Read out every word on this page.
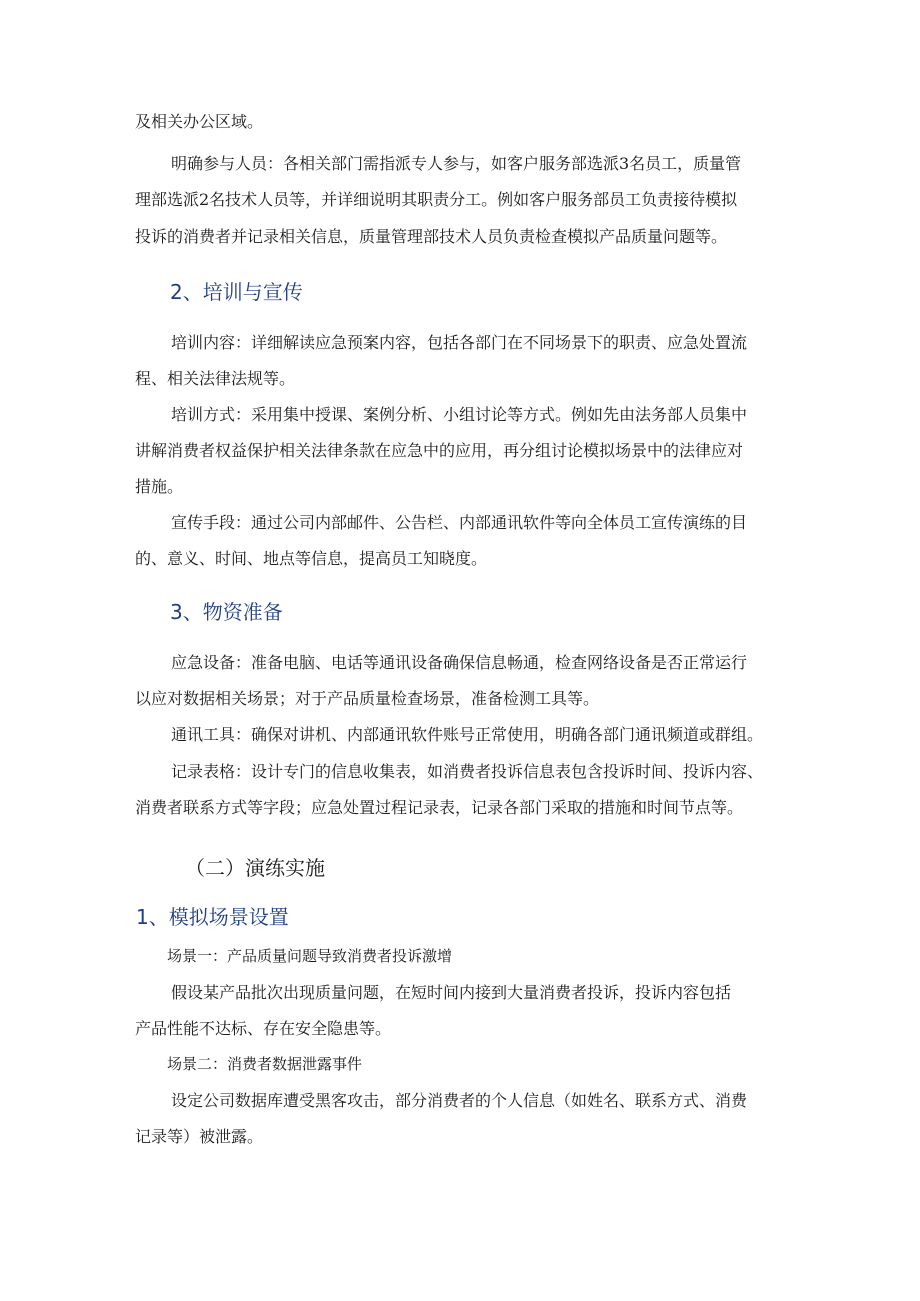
及相关办公区域。
明确参与人员：各相关部门需指派专人参与，如客户服务部选派3名员工，质量管
理部选派2名技术人员等，并详细说明其职责分工。例如客户服务部员工负责接待模拟
投诉的消费者并记录相关信息，质量管理部技术人员负责检查模拟产品质量问题等。
2、培训与宣传
培训内容：详细解读应急预案内容，包括各部门在不同场景下的职责、应急处置流
程、相关法律法规等。
培训方式：采用集中授课、案例分析、小组讨论等方式。例如先由法务部人员集中
讲解消费者权益保护相关法律条款在应急中的应用，再分组讨论模拟场景中的法律应对
措施。
宣传手段：通过公司内部邮件、公告栏、内部通讯软件等向全体员工宣传演练的目
的、意义、时间、地点等信息，提高员工知晓度。
3、物资准备
应急设备：准备电脑、电话等通讯设备确保信息畅通，检查网络设备是否正常运行
以应对数据相关场景；对于产品质量检查场景，准备检测工具等。
通讯工具：确保对讲机、内部通讯软件账号正常使用，明确各部门通讯频道或群组。
记录表格：设计专门的信息收集表，如消费者投诉信息表包含投诉时间、投诉内容、
消费者联系方式等字段；应急处置过程记录表，记录各部门采取的措施和时间节点等。
（二）演练实施
1、模拟场景设置
场景一：产品质量问题导致消费者投诉激增
假设某产品批次出现质量问题，在短时间内接到大量消费者投诉，投诉内容包括
产品性能不达标、存在安全隐患等。
场景二：消费者数据泄露事件
设定公司数据库遭受黑客攻击，部分消费者的个人信息（如姓名、联系方式、消费
记录等）被泄露。
